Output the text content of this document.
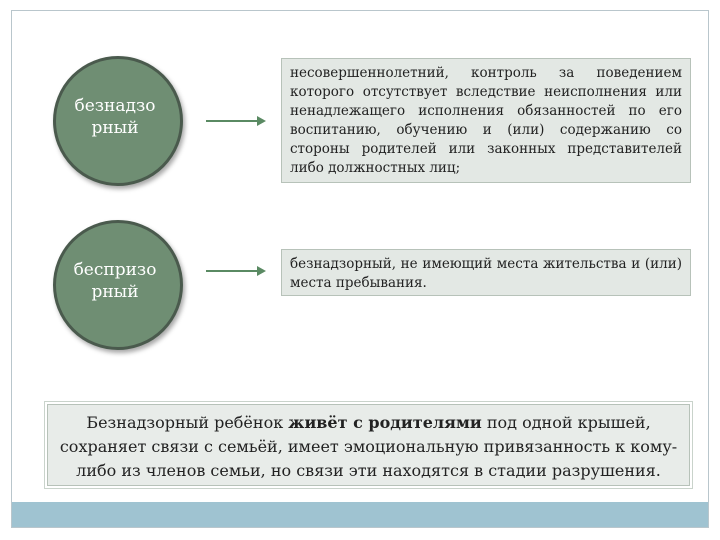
безнадзо рный
несовершеннолетний, контроль за поведением которого отсутствует вследствие неисполнения или ненадлежащего исполнения обязанностей по его воспитанию, обучению и (или) содержанию со стороны родителей или законных представителей либо должностных лиц;
беспризо рный
безнадзорный, не имеющий места жительства и (или) места пребывания.
Безнадзорный ребёнок живёт с родителями под одной крышей, сохраняет связи с семьёй, имеет эмоциональную привязанность к кому-либо из членов семьи, но связи эти находятся в стадии разрушения.
